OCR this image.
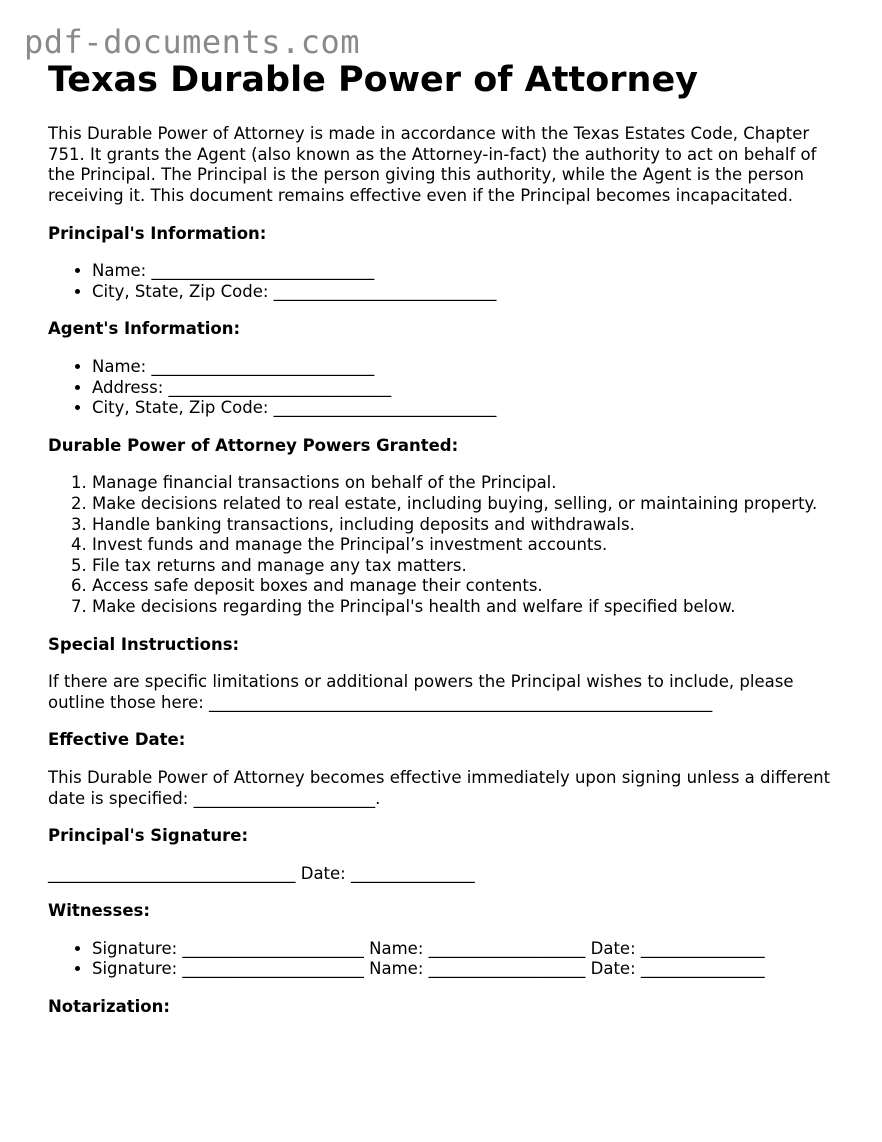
pdf-documents.com

Texas Durable Power of Attorney

This Durable Power of Attorney is made in accordance with the Texas Estates Code, Chapter 751. It grants the Agent (also known as the Attorney-in-fact) the authority to act on behalf of the Principal. The Principal is the person giving this authority, while the Agent is the person receiving it. This document remains effective even if the Principal becomes incapacitated.

Principal's Information:
• Name: ___________________________
• City, State, Zip Code: ___________________________
Agent's Information:
• Name: ___________________________
• Address: ___________________________
• City, State, Zip Code: ___________________________
Durable Power of Attorney Powers Granted:
1. Manage financial transactions on behalf of the Principal.
2. Make decisions related to real estate, including buying, selling, or maintaining property.
3. Handle banking transactions, including deposits and withdrawals.
4. Invest funds and manage the Principal’s investment accounts.
5. File tax returns and manage any tax matters.
6. Access safe deposit boxes and manage their contents.
7. Make decisions regarding the Principal's health and welfare if specified below.
Special Instructions:

If there are specific limitations or additional powers the Principal wishes to include, please outline those here: _____________________________________________________________

Effective Date:

This Durable Power of Attorney becomes effective immediately upon signing unless a different date is specified: ______________________.

Principal's Signature:

______________________________ Date: _______________

Witnesses:
• Signature: ______________________ Name: ___________________ Date: _______________
• Signature: ______________________ Name: ___________________ Date: _______________
Notarization:
